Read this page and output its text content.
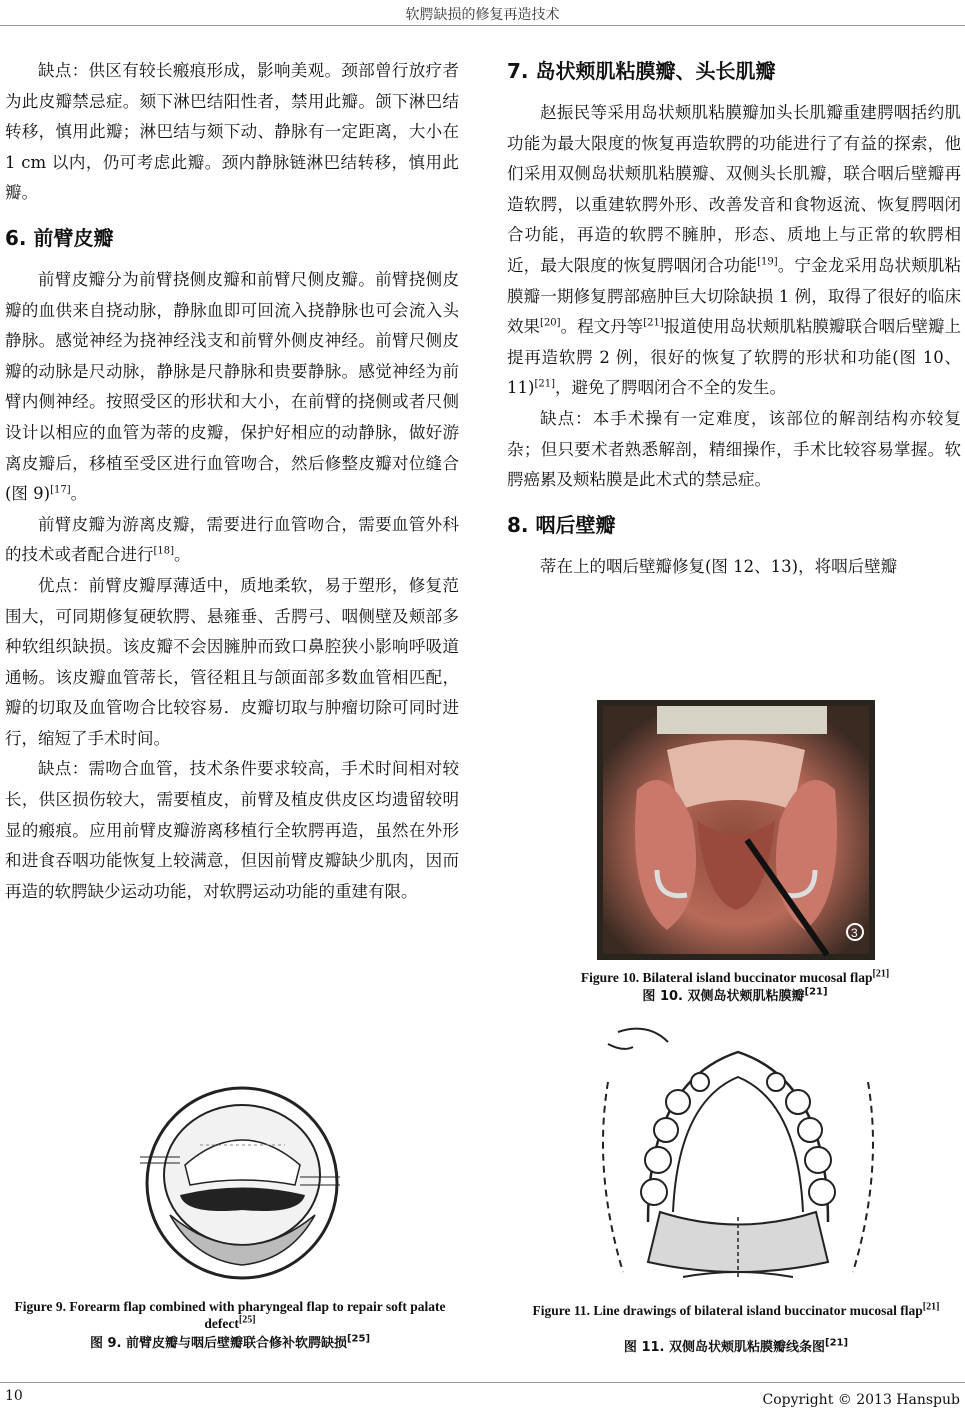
软腭缺损的修复再造技术

缺点：供区有较长瘢痕形成，影响美观。颈部曾行放疗者为此皮瓣禁忌症。颏下淋巴结阳性者，禁用此瓣。颌下淋巴结转移，慎用此瓣；淋巴结与颏下动、静脉有一定距离，大小在 1 cm 以内，仍可考虑此瓣。颈内静脉链淋巴结转移，慎用此瓣。

6. 前臂皮瓣

前臂皮瓣分为前臂挠侧皮瓣和前臂尺侧皮瓣。前臂挠侧皮瓣的血供来自挠动脉，静脉血即可回流入挠静脉也可会流入头静脉。感觉神经为挠神经浅支和前臂外侧皮神经。前臂尺侧皮瓣的动脉是尺动脉，静脉是尺静脉和贵要静脉。感觉神经为前臂内侧神经。按照受区的形状和大小，在前臂的挠侧或者尺侧设计以相应的血管为蒂的皮瓣，保护好相应的动静脉，做好游离皮瓣后，移植至受区进行血管吻合，然后修整皮瓣对位缝合(图 9)[17]。

前臂皮瓣为游离皮瓣，需要进行血管吻合，需要血管外科的技术或者配合进行[18]。

优点：前臂皮瓣厚薄适中，质地柔软，易于塑形，修复范围大，可同期修复硬软腭、悬雍垂、舌腭弓、咽侧壁及颊部多种软组织缺损。该皮瓣不会因臃肿而致口鼻腔狭小影响呼吸道通畅。该皮瓣血管蒂长，管径粗且与颌面部多数血管相匹配，瓣的切取及血管吻合比较容易．皮瓣切取与肿瘤切除可同时进行，缩短了手术时间。

缺点：需吻合血管，技术条件要求较高，手术时间相对较长，供区损伤较大，需要植皮，前臂及植皮供皮区均遗留较明显的瘢痕。应用前臂皮瓣游离移植行全软腭再造，虽然在外形和进食吞咽功能恢复上较满意，但因前臂皮瓣缺少肌肉，因而再造的软腭缺少运动功能，对软腭运动功能的重建有限。

7. 岛状颊肌粘膜瓣、头长肌瓣

赵振民等采用岛状颊肌粘膜瓣加头长肌瓣重建腭咽括约肌功能为最大限度的恢复再造软腭的功能进行了有益的探索，他们采用双侧岛状颊肌粘膜瓣、双侧头长肌瓣，联合咽后壁瓣再造软腭，以重建软腭外形、改善发音和食物返流、恢复腭咽闭合功能，再造的软腭不臃肿，形态、质地上与正常的软腭相近，最大限度的恢复腭咽闭合功能[19]。宁金龙采用岛状颊肌粘膜瓣一期修复腭部癌肿巨大切除缺损 1 例，取得了很好的临床效果[20]。程文丹等[21]报道使用岛状颊肌粘膜瓣联合咽后壁瓣上提再造软腭 2 例，很好的恢复了软腭的形状和功能(图 10、11)[21]，避免了腭咽闭合不全的发生。

缺点：本手术操有一定难度，该部位的解剖结构亦较复杂；但只要术者熟悉解剖，精细操作，手术比较容易掌握。软腭癌累及颊粘膜是此术式的禁忌症。

8. 咽后壁瓣

蒂在上的咽后壁瓣修复(图 12、13)，将咽后壁瓣

3
Figure 10. Bilateral island buccinator mucosal flap[21]
图 10. 双侧岛状颊肌粘膜瓣[21]
Figure 11. Line drawings of bilateral island buccinator mucosal flap[21]
图 11. 双侧岛状颊肌粘膜瓣线条图[21]
Figure 9. Forearm flap combined with pharyngeal flap to repair soft palate defect[25]
图 9. 前臂皮瓣与咽后壁瓣联合修补软腭缺损[25]
10	Copyright © 2013 Hanspub
